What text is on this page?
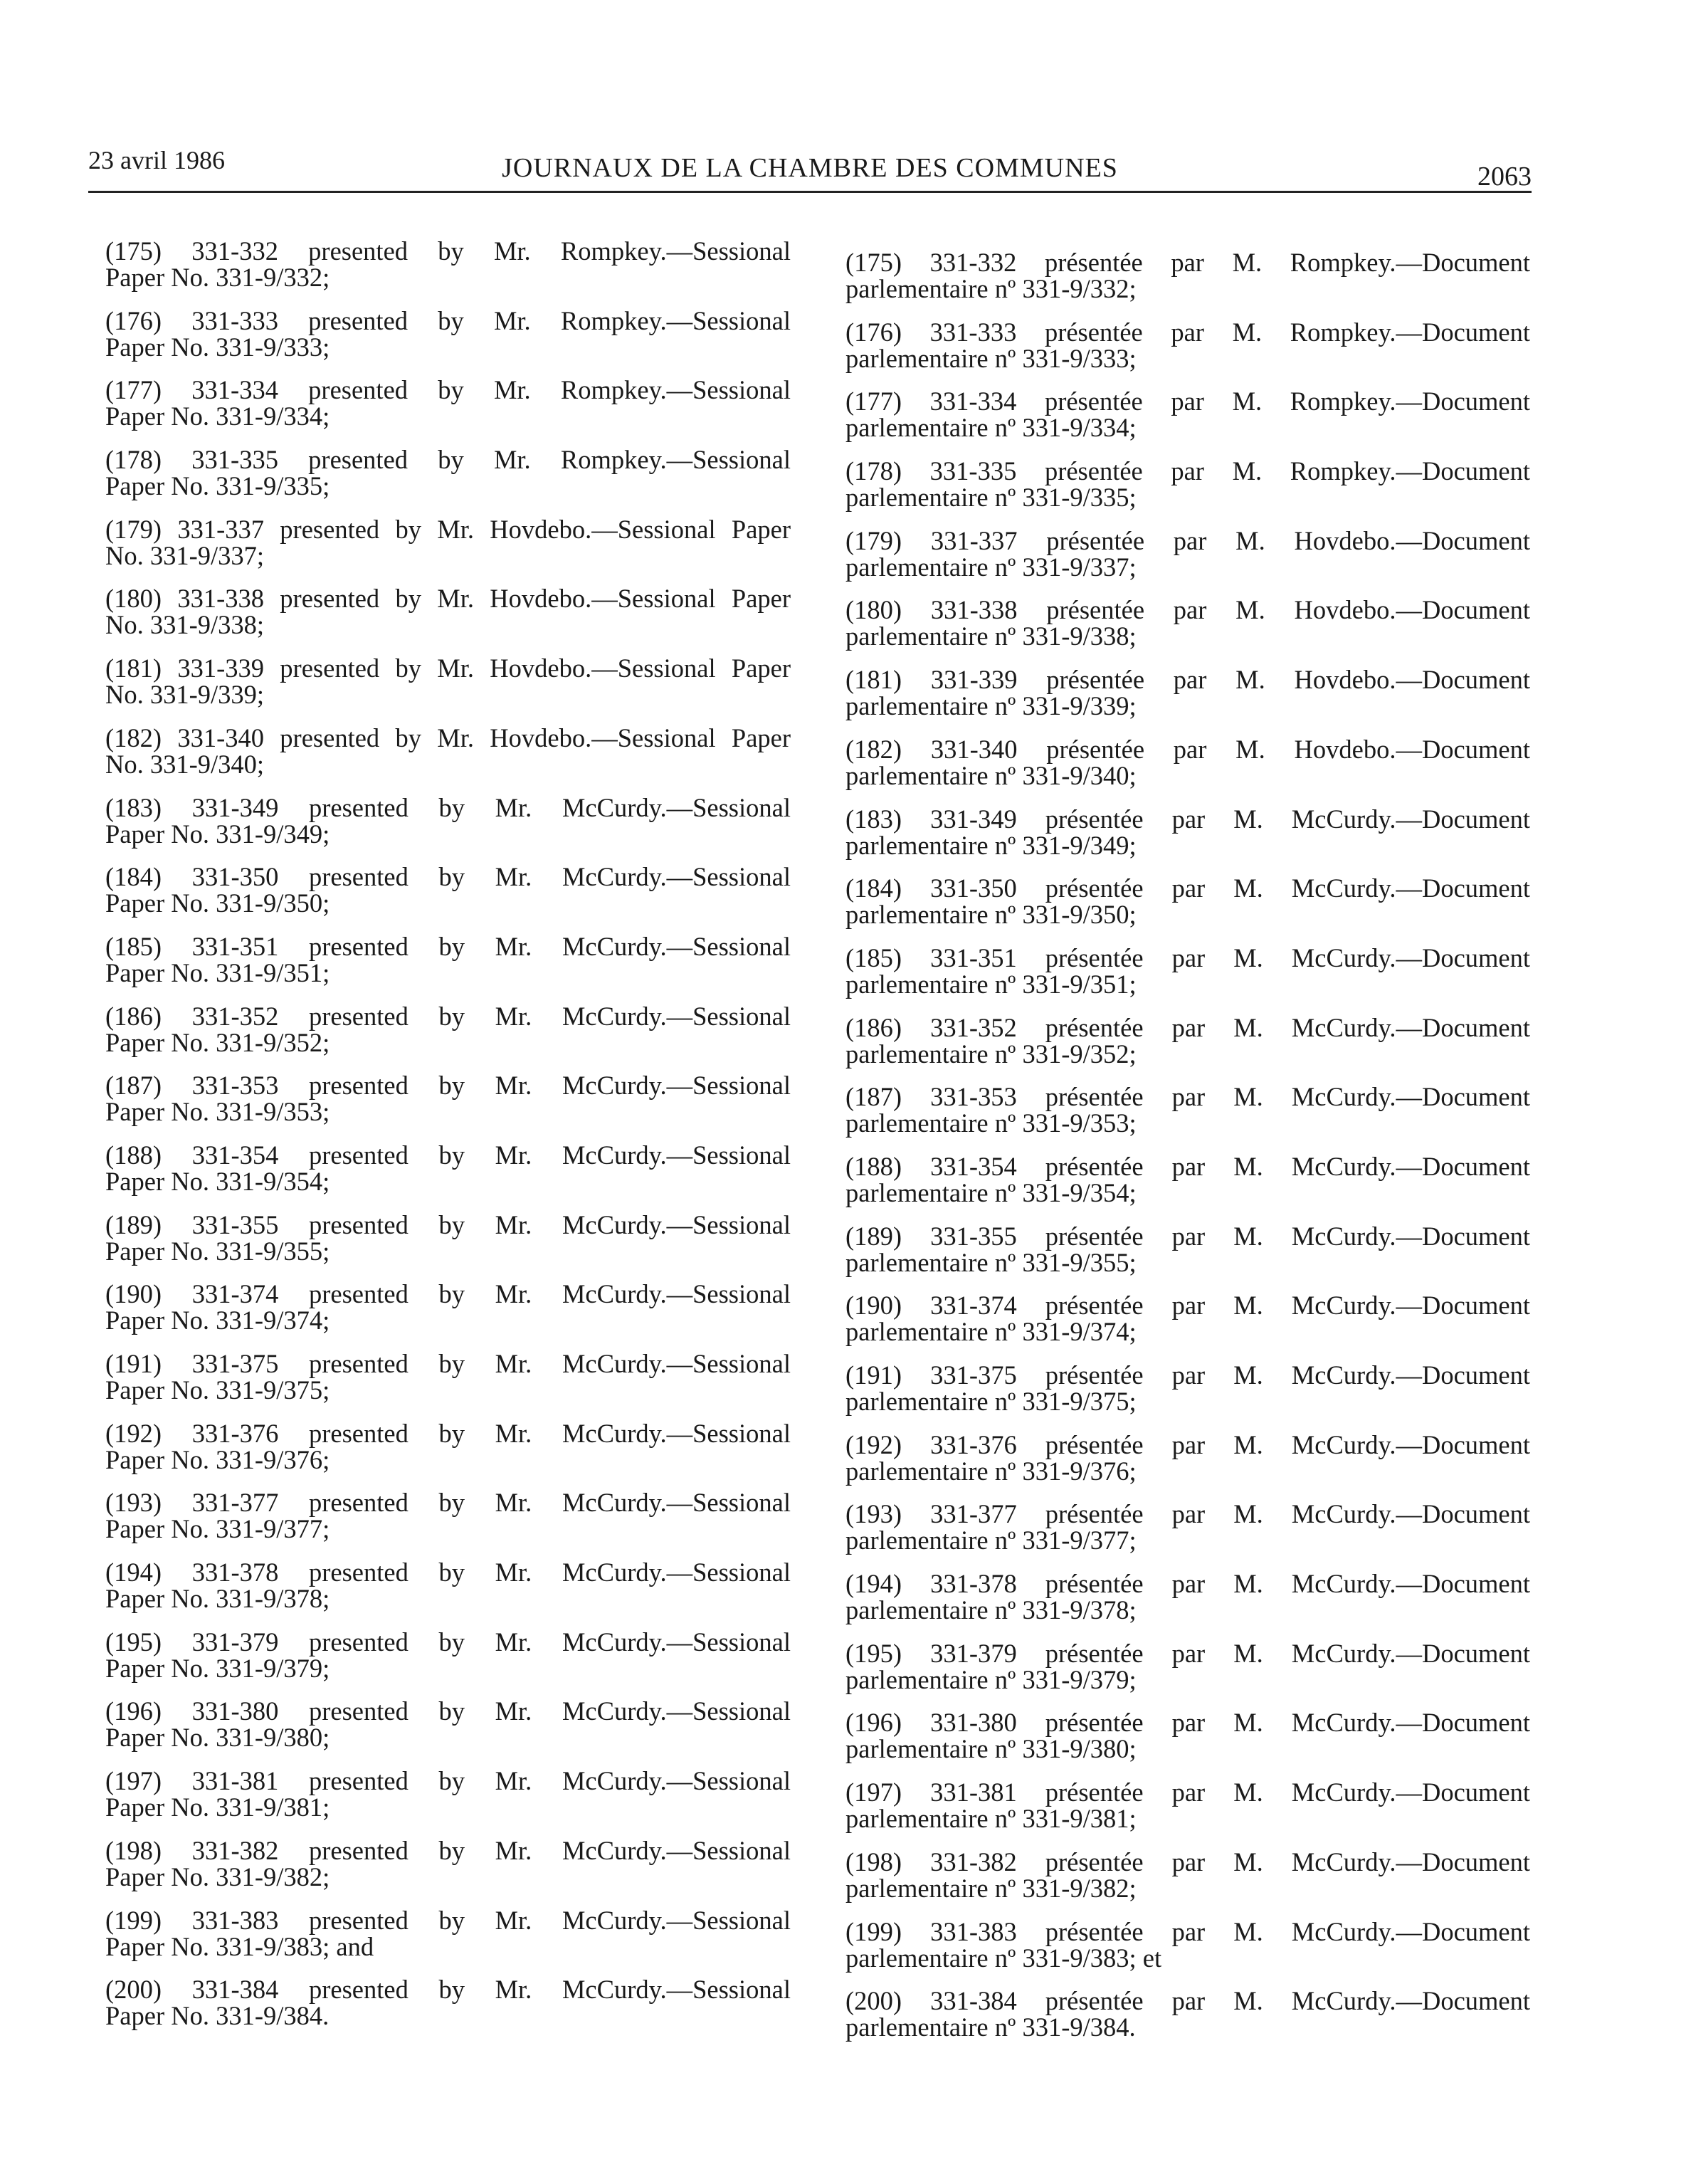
23 avril 1986	JOURNAUX DE LA CHAMBRE DES COMMUNES	2063
(175) 331-332 presented by Mr. Rompkey.—Sessional
Paper No. 331-9/332;
(176) 331-333 presented by Mr. Rompkey.—Sessional
Paper No. 331-9/333;
(177) 331-334 presented by Mr. Rompkey.—Sessional
Paper No. 331-9/334;
(178) 331-335 presented by Mr. Rompkey.—Sessional
Paper No. 331-9/335;
(179) 331-337 presented by Mr. Hovdebo.—Sessional Paper
No. 331-9/337;
(180) 331-338 presented by Mr. Hovdebo.—Sessional Paper
No. 331-9/338;
(181) 331-339 presented by Mr. Hovdebo.—Sessional Paper
No. 331-9/339;
(182) 331-340 presented by Mr. Hovdebo.—Sessional Paper
No. 331-9/340;
(183) 331-349 presented by Mr. McCurdy.—Sessional
Paper No. 331-9/349;
(184) 331-350 presented by Mr. McCurdy.—Sessional
Paper No. 331-9/350;
(185) 331-351 presented by Mr. McCurdy.—Sessional
Paper No. 331-9/351;
(186) 331-352 presented by Mr. McCurdy.—Sessional
Paper No. 331-9/352;
(187) 331-353 presented by Mr. McCurdy.—Sessional
Paper No. 331-9/353;
(188) 331-354 presented by Mr. McCurdy.—Sessional
Paper No. 331-9/354;
(189) 331-355 presented by Mr. McCurdy.—Sessional
Paper No. 331-9/355;
(190) 331-374 presented by Mr. McCurdy.—Sessional
Paper No. 331-9/374;
(191) 331-375 presented by Mr. McCurdy.—Sessional
Paper No. 331-9/375;
(192) 331-376 presented by Mr. McCurdy.—Sessional
Paper No. 331-9/376;
(193) 331-377 presented by Mr. McCurdy.—Sessional
Paper No. 331-9/377;
(194) 331-378 presented by Mr. McCurdy.—Sessional
Paper No. 331-9/378;
(195) 331-379 presented by Mr. McCurdy.—Sessional
Paper No. 331-9/379;
(196) 331-380 presented by Mr. McCurdy.—Sessional
Paper No. 331-9/380;
(197) 331-381 presented by Mr. McCurdy.—Sessional
Paper No. 331-9/381;
(198) 331-382 presented by Mr. McCurdy.—Sessional
Paper No. 331-9/382;
(199) 331-383 presented by Mr. McCurdy.—Sessional
Paper No. 331-9/383; and
(200) 331-384 presented by Mr. McCurdy.—Sessional
Paper No. 331-9/384.
(175) 331-332 présentée par M. Rompkey.—Document
parlementaire nº 331-9/332;
(176) 331-333 présentée par M. Rompkey.—Document
parlementaire nº 331-9/333;
(177) 331-334 présentée par M. Rompkey.—Document
parlementaire nº 331-9/334;
(178) 331-335 présentée par M. Rompkey.—Document
parlementaire nº 331-9/335;
(179) 331-337 présentée par M. Hovdebo.—Document
parlementaire nº 331-9/337;
(180) 331-338 présentée par M. Hovdebo.—Document
parlementaire nº 331-9/338;
(181) 331-339 présentée par M. Hovdebo.—Document
parlementaire nº 331-9/339;
(182) 331-340 présentée par M. Hovdebo.—Document
parlementaire nº 331-9/340;
(183) 331-349 présentée par M. McCurdy.—Document
parlementaire nº 331-9/349;
(184) 331-350 présentée par M. McCurdy.—Document
parlementaire nº 331-9/350;
(185) 331-351 présentée par M. McCurdy.—Document
parlementaire nº 331-9/351;
(186) 331-352 présentée par M. McCurdy.—Document
parlementaire nº 331-9/352;
(187) 331-353 présentée par M. McCurdy.—Document
parlementaire nº 331-9/353;
(188) 331-354 présentée par M. McCurdy.—Document
parlementaire nº 331-9/354;
(189) 331-355 présentée par M. McCurdy.—Document
parlementaire nº 331-9/355;
(190) 331-374 présentée par M. McCurdy.—Document
parlementaire nº 331-9/374;
(191) 331-375 présentée par M. McCurdy.—Document
parlementaire nº 331-9/375;
(192) 331-376 présentée par M. McCurdy.—Document
parlementaire nº 331-9/376;
(193) 331-377 présentée par M. McCurdy.—Document
parlementaire nº 331-9/377;
(194) 331-378 présentée par M. McCurdy.—Document
parlementaire nº 331-9/378;
(195) 331-379 présentée par M. McCurdy.—Document
parlementaire nº 331-9/379;
(196) 331-380 présentée par M. McCurdy.—Document
parlementaire nº 331-9/380;
(197) 331-381 présentée par M. McCurdy.—Document
parlementaire nº 331-9/381;
(198) 331-382 présentée par M. McCurdy.—Document
parlementaire nº 331-9/382;
(199) 331-383 présentée par M. McCurdy.—Document
parlementaire nº 331-9/383; et
(200) 331-384 présentée par M. McCurdy.—Document
parlementaire nº 331-9/384.
